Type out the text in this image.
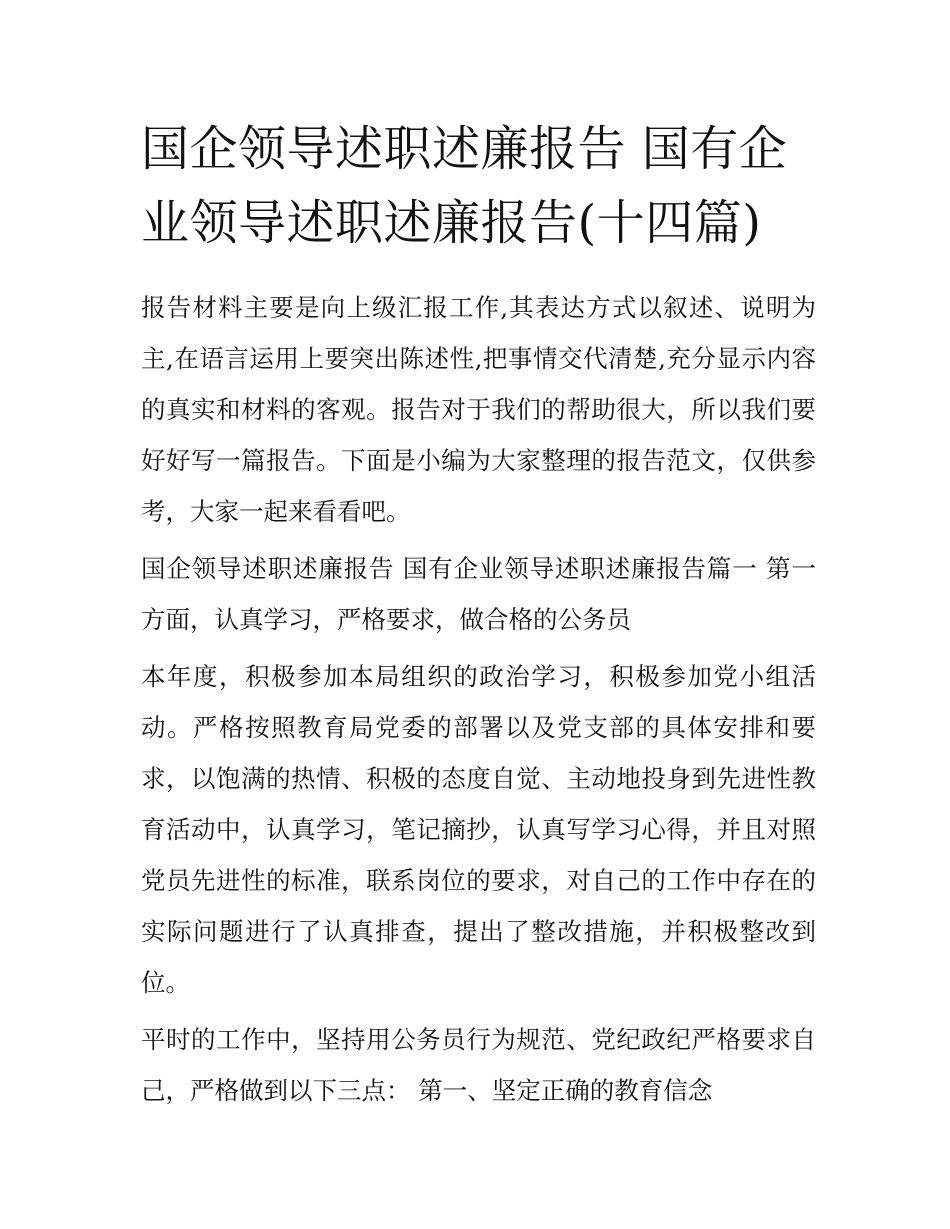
国企领导述职述廉报告 国有企业领导述职述廉报告(十四篇)

报告材料主要是向上级汇报工作,其表达方式以叙述、说明为主,在语言运用上要突出陈述性,把事情交代清楚,充分显示内容的真实和材料的客观。报告对于我们的帮助很大，所以我们要好好写一篇报告。下面是小编为大家整理的报告范文，仅供参考，大家一起来看看吧。

国企领导述职述廉报告 国有企业领导述职述廉报告篇一 第一方面，认真学习，严格要求，做合格的公务员

本年度，积极参加本局组织的政治学习，积极参加党小组活动。严格按照教育局党委的部署以及党支部的具体安排和要求，以饱满的热情、积极的态度自觉、主动地投身到先进性教育活动中，认真学习，笔记摘抄，认真写学习心得，并且对照党员先进性的标准，联系岗位的要求，对自己的工作中存在的实际问题进行了认真排查，提出了整改措施，并积极整改到位。

平时的工作中，坚持用公务员行为规范、党纪政纪严格要求自己，严格做到以下三点： 第一、坚定正确的教育信念
